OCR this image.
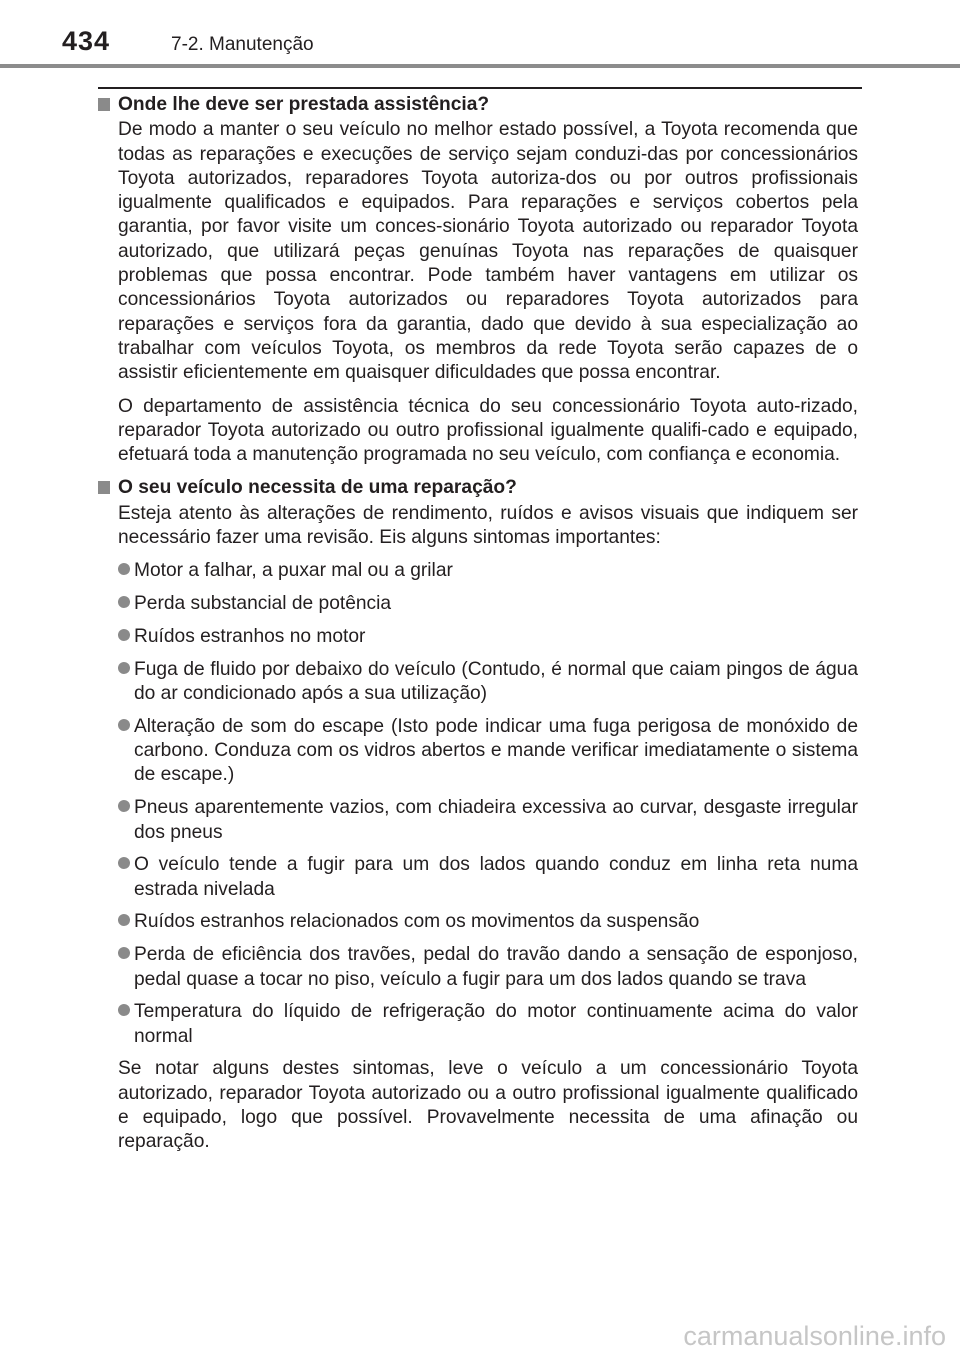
434	7-2. Manutenção
Onde lhe deve ser prestada assistência?

De modo a manter o seu veículo no melhor estado possível, a Toyota recomenda que todas as reparações e execuções de serviço sejam conduzi-das por concessionários Toyota autorizados, reparadores Toyota autoriza-dos ou por outros profissionais igualmente qualificados e equipados. Para reparações e serviços cobertos pela garantia, por favor visite um conces-sionário Toyota autorizado ou reparador Toyota autorizado, que utilizará peças genuínas Toyota nas reparações de quaisquer problemas que possa encontrar. Pode também haver vantagens em utilizar os concessionários Toyota autorizados ou reparadores Toyota autorizados para reparações e serviços fora da garantia, dado que devido à sua especialização ao trabalhar com veículos Toyota, os membros da rede Toyota serão capazes de o assistir eficientemente em quaisquer dificuldades que possa encontrar.

O departamento de assistência técnica do seu concessionário Toyota auto-rizado, reparador Toyota autorizado ou outro profissional igualmente qualifi-cado e equipado, efetuará toda a manutenção programada no seu veículo, com confiança e economia.

O seu veículo necessita de uma reparação?

Esteja atento às alterações de rendimento, ruídos e avisos visuais que indiquem ser necessário fazer uma revisão. Eis alguns sintomas importantes:

Motor a falhar, a puxar mal ou a grilar
Perda substancial de potência
Ruídos estranhos no motor
Fuga de fluido por debaixo do veículo (Contudo, é normal que caiam pingos de água do ar condicionado após a sua utilização)
Alteração de som do escape (Isto pode indicar uma fuga perigosa de monóxido de carbono. Conduza com os vidros abertos e mande verificar imediatamente o sistema de escape.)
Pneus aparentemente vazios, com chiadeira excessiva ao curvar, desgaste irregular dos pneus
O veículo tende a fugir para um dos lados quando conduz em linha reta numa estrada nivelada
Ruídos estranhos relacionados com os movimentos da suspensão
Perda de eficiência dos travões, pedal do travão dando a sensação de esponjoso, pedal quase a tocar no piso, veículo a fugir para um dos lados quando se trava
Temperatura do líquido de refrigeração do motor continuamente acima do valor normal

Se notar alguns destes sintomas, leve o veículo a um concessionário Toyota autorizado, reparador Toyota autorizado ou a outro profissional igualmente qualificado e equipado, logo que possível. Provavelmente necessita de uma afinação ou reparação.

carmanualsonline.info
